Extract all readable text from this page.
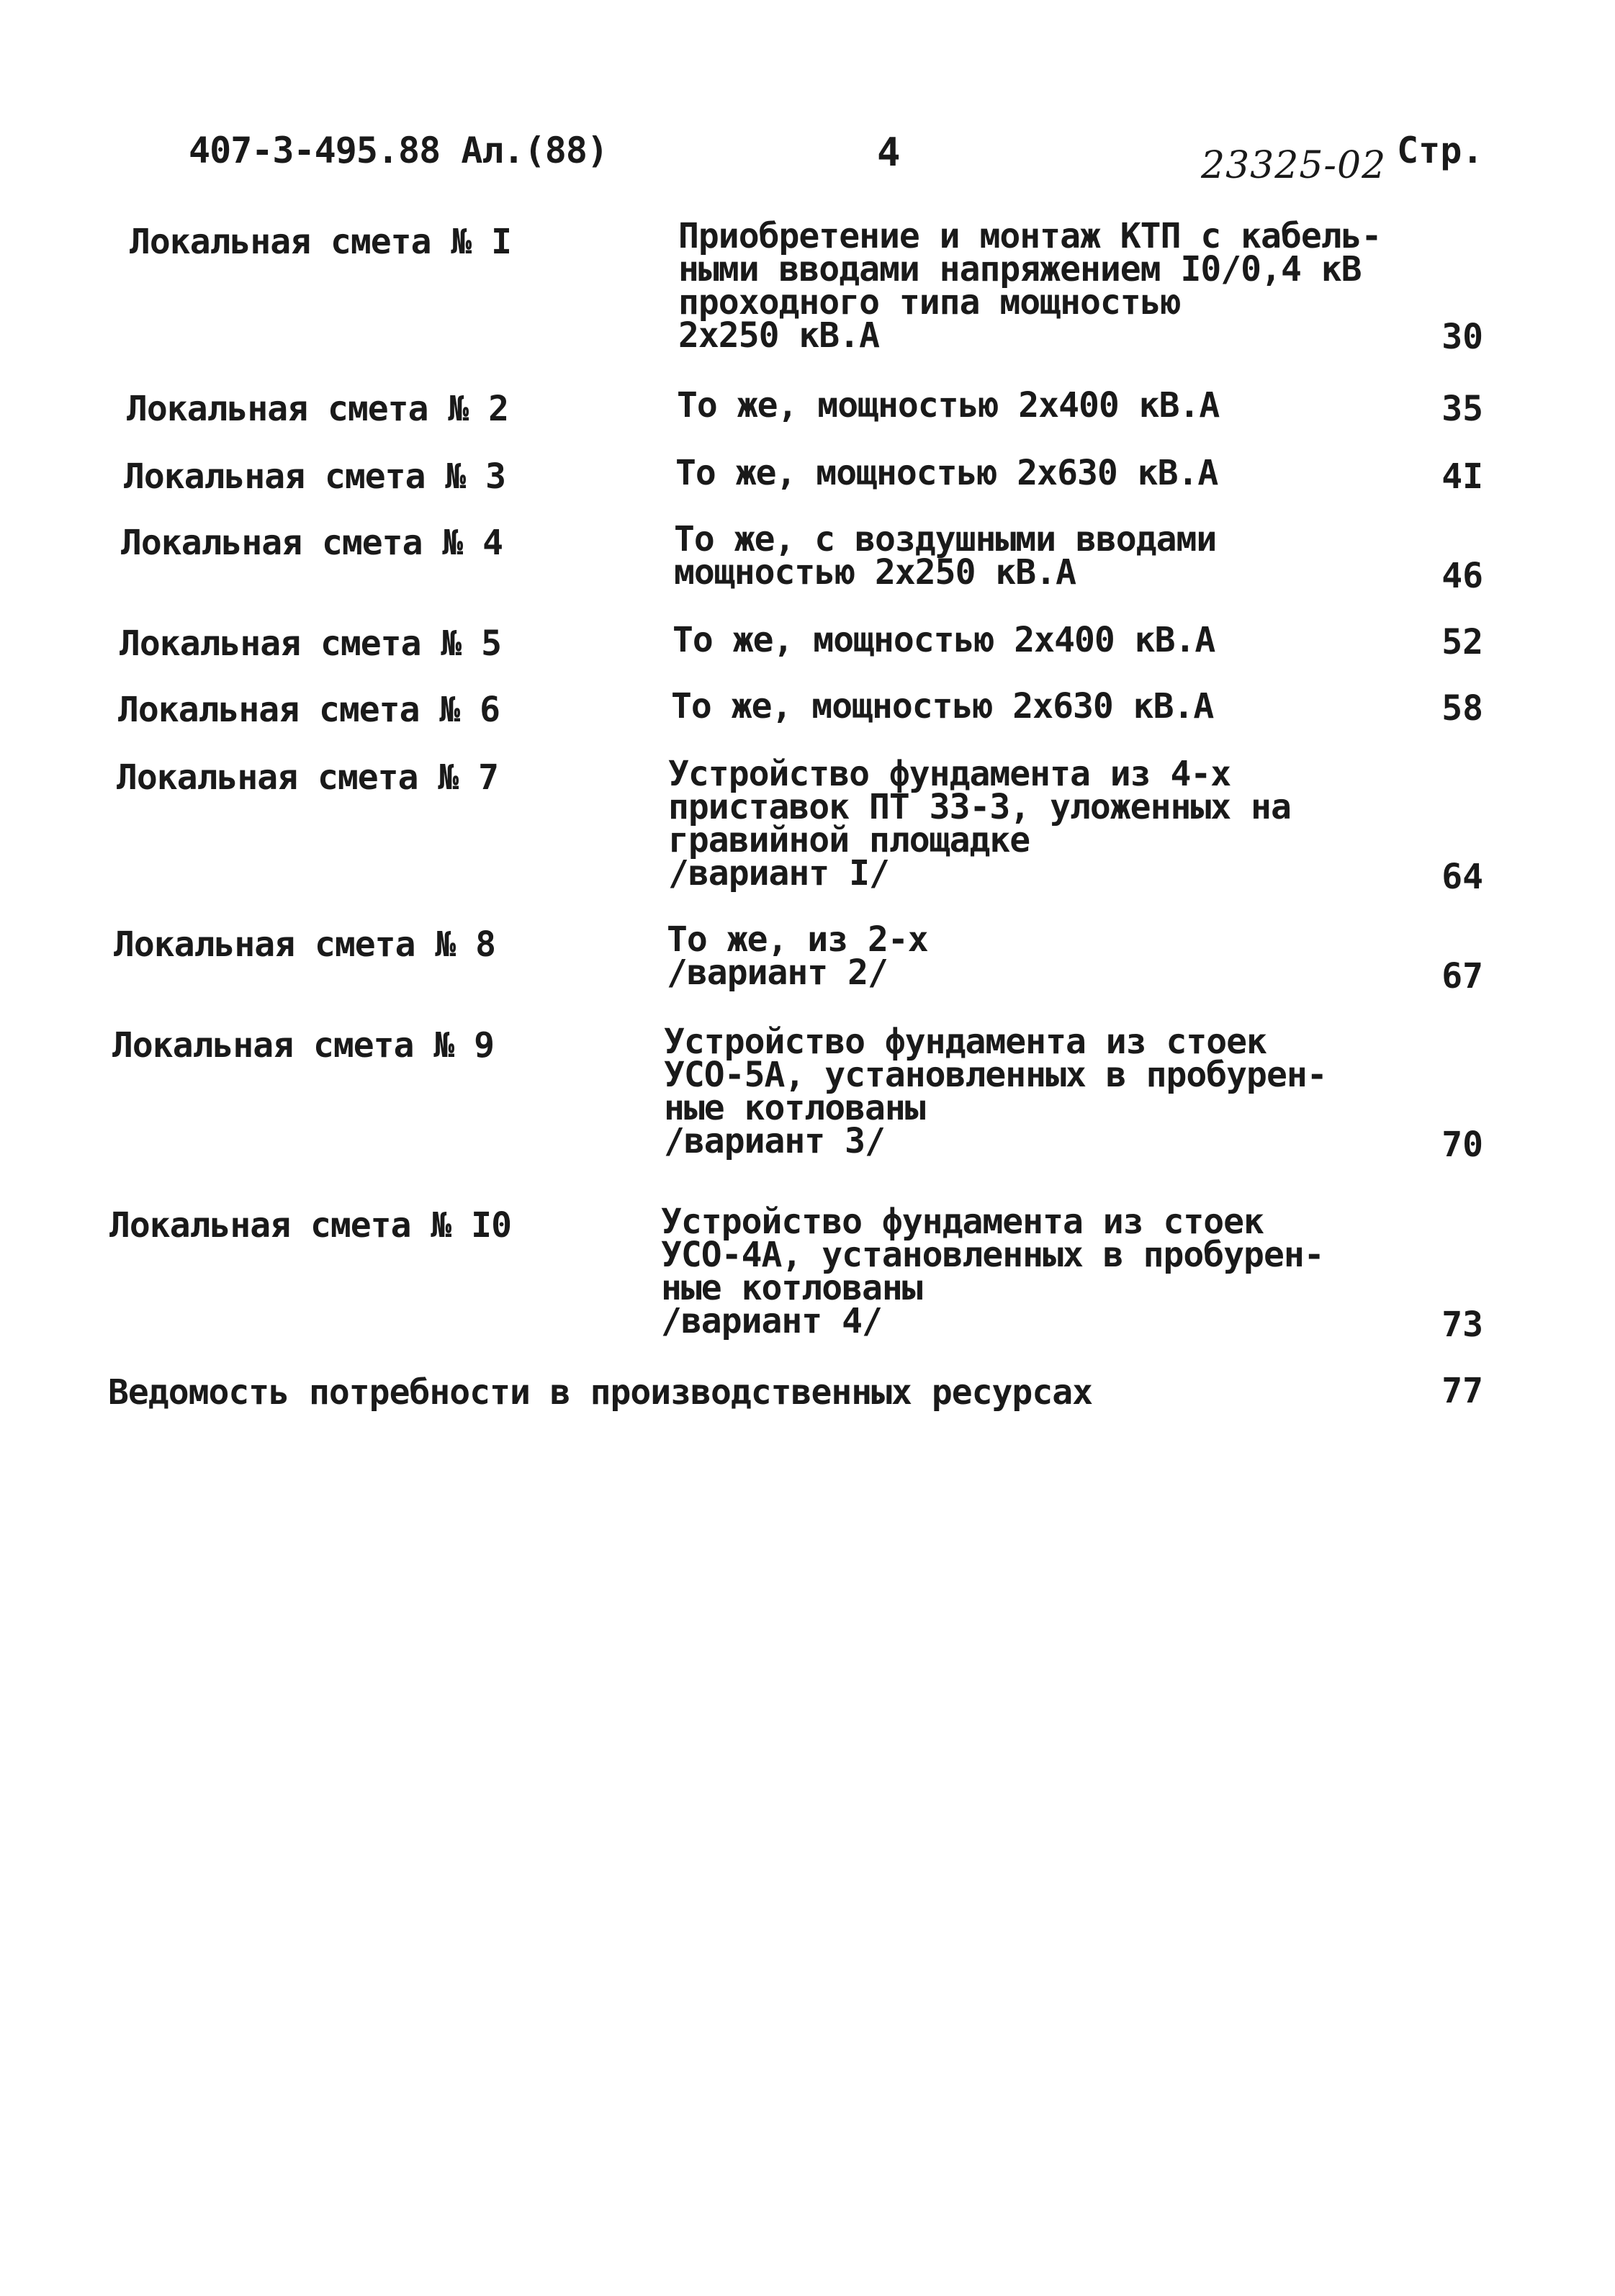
407-3-495.88 Ал.(88)	4	23325-02 Стр.
Локальная смета № I	Приобретение и монтаж КТП с кабель-
ными вводами напряжением I0/0,4 кВ
проходного типа мощностью
2х250 кВ.А	30
Локальная смета № 2	То же, мощностью 2х400 кВ.А	35
Локальная смета № 3	То же, мощностью 2х630 кВ.А	4I
Локальная смета № 4	То же, с воздушными вводами
мощностью 2х250 кВ.А	46
Локальная смета № 5	То же, мощностью 2х400 кВ.А	52
Локальная смета № 6	То же, мощностью 2х630 кВ.А	58
Локальная смета № 7	Устройство фундамента из 4-х
приставок ПТ 33-3, уложенных на
гравийной площадке
/вариант I/	64
Локальная смета № 8	То же, из 2-х
/вариант 2/	67
Локальная смета № 9	Устройство фундамента из стоек
УСО-5А, установленных в пробурен-
ные котлованы
/вариант 3/	70
Локальная смета № I0	Устройство фундамента из стоек
УСО-4А, установленных в пробурен-
ные котлованы
/вариант 4/	73
Ведомость потребности в производственных ресурсах	77
